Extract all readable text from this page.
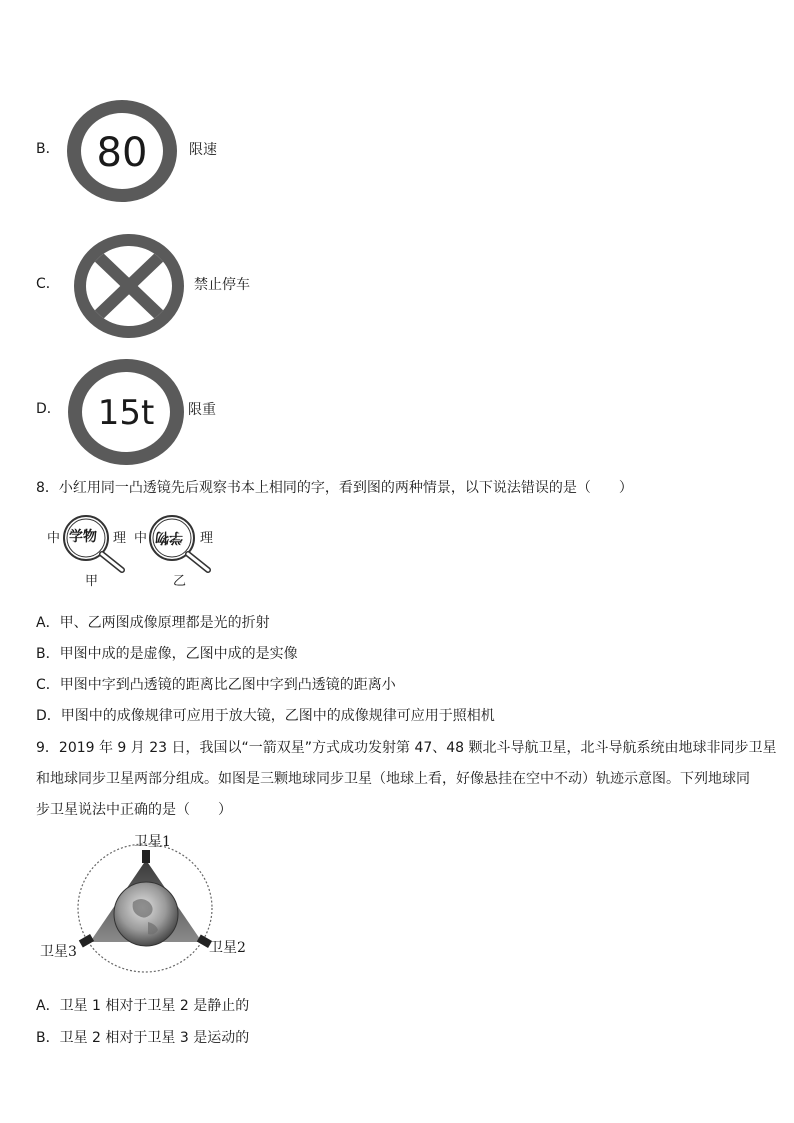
B． 80	限速
C．	禁止停车
D． 15t 限重
8．小红用同一凸透镜先后观察书本上相同的字，看到图的两种情景，以下说法错误的是（　　）
中 学物 理
甲
中 学物 理
乙
A．甲、乙两图成像原理都是光的折射
B．甲图中成的是虚像，乙图中成的是实像
C．甲图中字到凸透镜的距离比乙图中字到凸透镜的距离小
D．甲图中的成像规律可应用于放大镜，乙图中的成像规律可应用于照相机
9．2019 年 9 月 23 日，我国以“一箭双星”方式成功发射第 47、48 颗北斗导航卫星，北斗导航系统由地球非同步卫星
和地球同步卫星两部分组成。如图是三颗地球同步卫星（地球上看，好像悬挂在空中不动）轨迹示意图。下列地球同
步卫星说法中正确的是（　　）
卫星1
卫星2
卫星3
A．卫星 1 相对于卫星 2 是静止的
B．卫星 2 相对于卫星 3 是运动的
